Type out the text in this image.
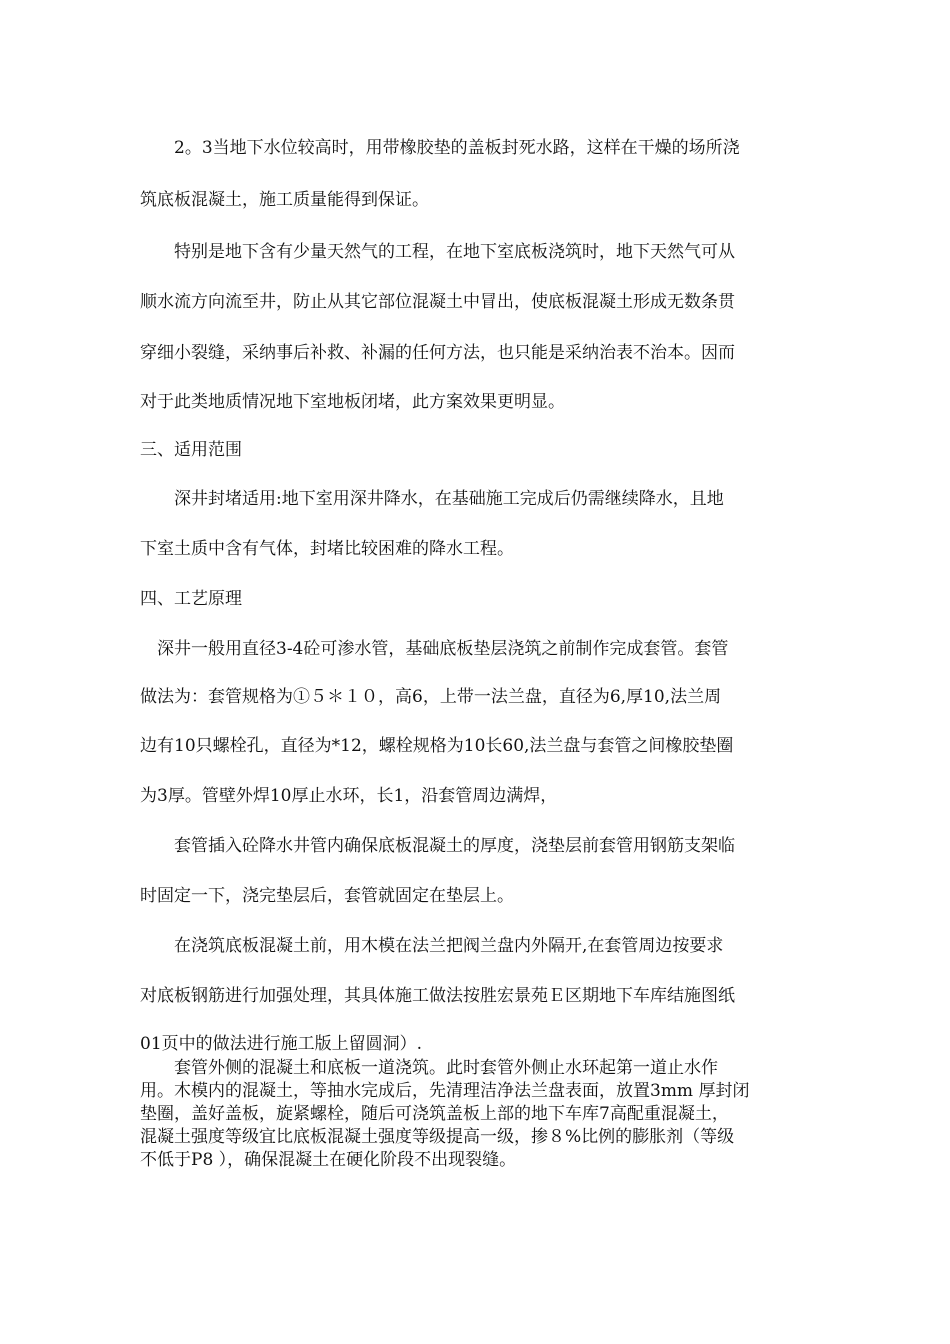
　　2。3当地下水位较高时，用带橡胶垫的盖板封死水路，这样在干燥的场所浇
筑底板混凝土，施工质量能得到保证。
　　特别是地下含有少量天然气的工程，在地下室底板浇筑时，地下天然气可从
顺水流方向流至井，防止从其它部位混凝土中冒出，使底板混凝土形成无数条贯
穿细小裂缝，采纳事后补救、补漏的任何方法，也只能是采纳治表不治本。因而
对于此类地质情况地下室地板闭堵，此方案效果更明显。
三、适用范围
　　深井封堵适用:地下室用深井降水，在基础施工完成后仍需继续降水，且地
下室土质中含有气体，封堵比较困难的降水工程。
四、工艺原理
　深井一般用直径3-4砼可渗水管，基础底板垫层浇筑之前制作完成套管。套管
做法为：套管规格为①５＊１０，高6，上带一法兰盘，直径为6,厚10,法兰周
边有10只螺栓孔，直径为*12，螺栓规格为10长60,法兰盘与套管之间橡胶垫圈
为3厚。管壁外焊10厚止水环，长1，沿套管周边满焊，
　　套管插入砼降水井管内确保底板混凝土的厚度，浇垫层前套管用钢筋支架临
时固定一下，浇完垫层后，套管就固定在垫层上。
　　在浇筑底板混凝土前，用木模在法兰把阀兰盘内外隔开,在套管周边按要求
对底板钢筋进行加强处理，其具体施工做法按胜宏景苑Ｅ区期地下车库结施图纸
01页中的做法进行施工版上留圆洞）.
　　套管外侧的混凝土和底板一道浇筑。此时套管外侧止水环起第一道止水作
用。木模内的混凝土，等抽水完成后，先清理洁净法兰盘表面，放置3mm 厚封闭
垫圈，盖好盖板，旋紧螺栓，随后可浇筑盖板上部的地下车库7高配重混凝土，
混凝土强度等级宜比底板混凝土强度等级提高一级，掺８%比例的膨胀剂（等级
不低于P8 ），确保混凝土在硬化阶段不出现裂缝。
